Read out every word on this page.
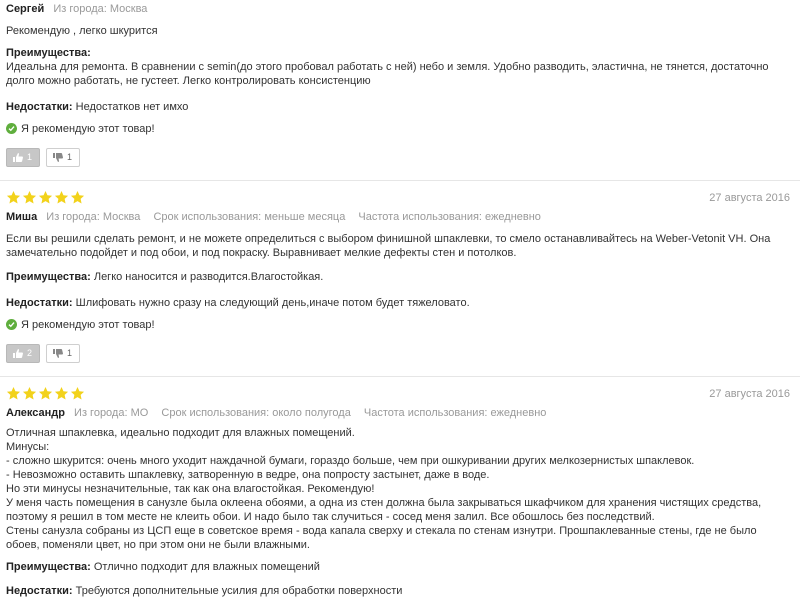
Сергей Из города: Москва
Рекомендую , легко шкурится
Преимущества:
Идеальна для ремонта. В сравнении с semin(до этого пробовал работать с ней) небо и земля. Удобно разводить, эластична, не тянется, достаточно долго можно работать, не густеет. Легко контролировать консистенцию
Недостатки: Недостатков нет имхо
Я рекомендую этот товар!
1	1
27 августа 2016
Миша Из города: Москва Срок использования: меньше месяца Частота использования: ежедневно
Если вы решили сделать ремонт, и не можете определиться с выбором финишной шпаклевки, то смело останавливайтесь на Weber-Vetonit VH. Она замечательно подойдет и под обои, и под покраску. Выравнивает мелкие дефекты стен и потолков.
Преимущества: Легко наносится и разводится.Влагостойкая.
Недостатки: Шлифовать нужно сразу на следующий день,иначе потом будет тяжеловато.
Я рекомендую этот товар!
2	1
27 августа 2016
Александр Из города: МО Срок использования: около полугода Частота использования: ежедневно
Отличная шпаклевка, идеально подходит для влажных помещений.
Минусы:
- сложно шкурится: очень много уходит наждачной бумаги, гораздо больше, чем при ошкуривании других мелкозернистых шпаклевок.
- Невозможно оставить шпаклевку, затворенную в ведре, она попросту застынет, даже в воде.
Но эти минусы незначительные, так как она влагостойкая. Рекомендую!
У меня часть помещения в санузле была оклеена обоями, а одна из стен должна была закрываться шкафчиком для хранения чистящих средства, поэтому я решил в том месте не клеить обои. И надо было так случиться - сосед меня залил. Все обошлось без последствий.
Стены санузла собраны из ЦСП еще в советское время - вода капала сверху и стекала по стенам изнутри. Прошпаклеванные стены, где не было обоев, поменяли цвет, но при этом они не были влажными.
Преимущества: Отлично подходит для влажных помещений
Недостатки: Требуются дополнительные усилия для обработки поверхности
